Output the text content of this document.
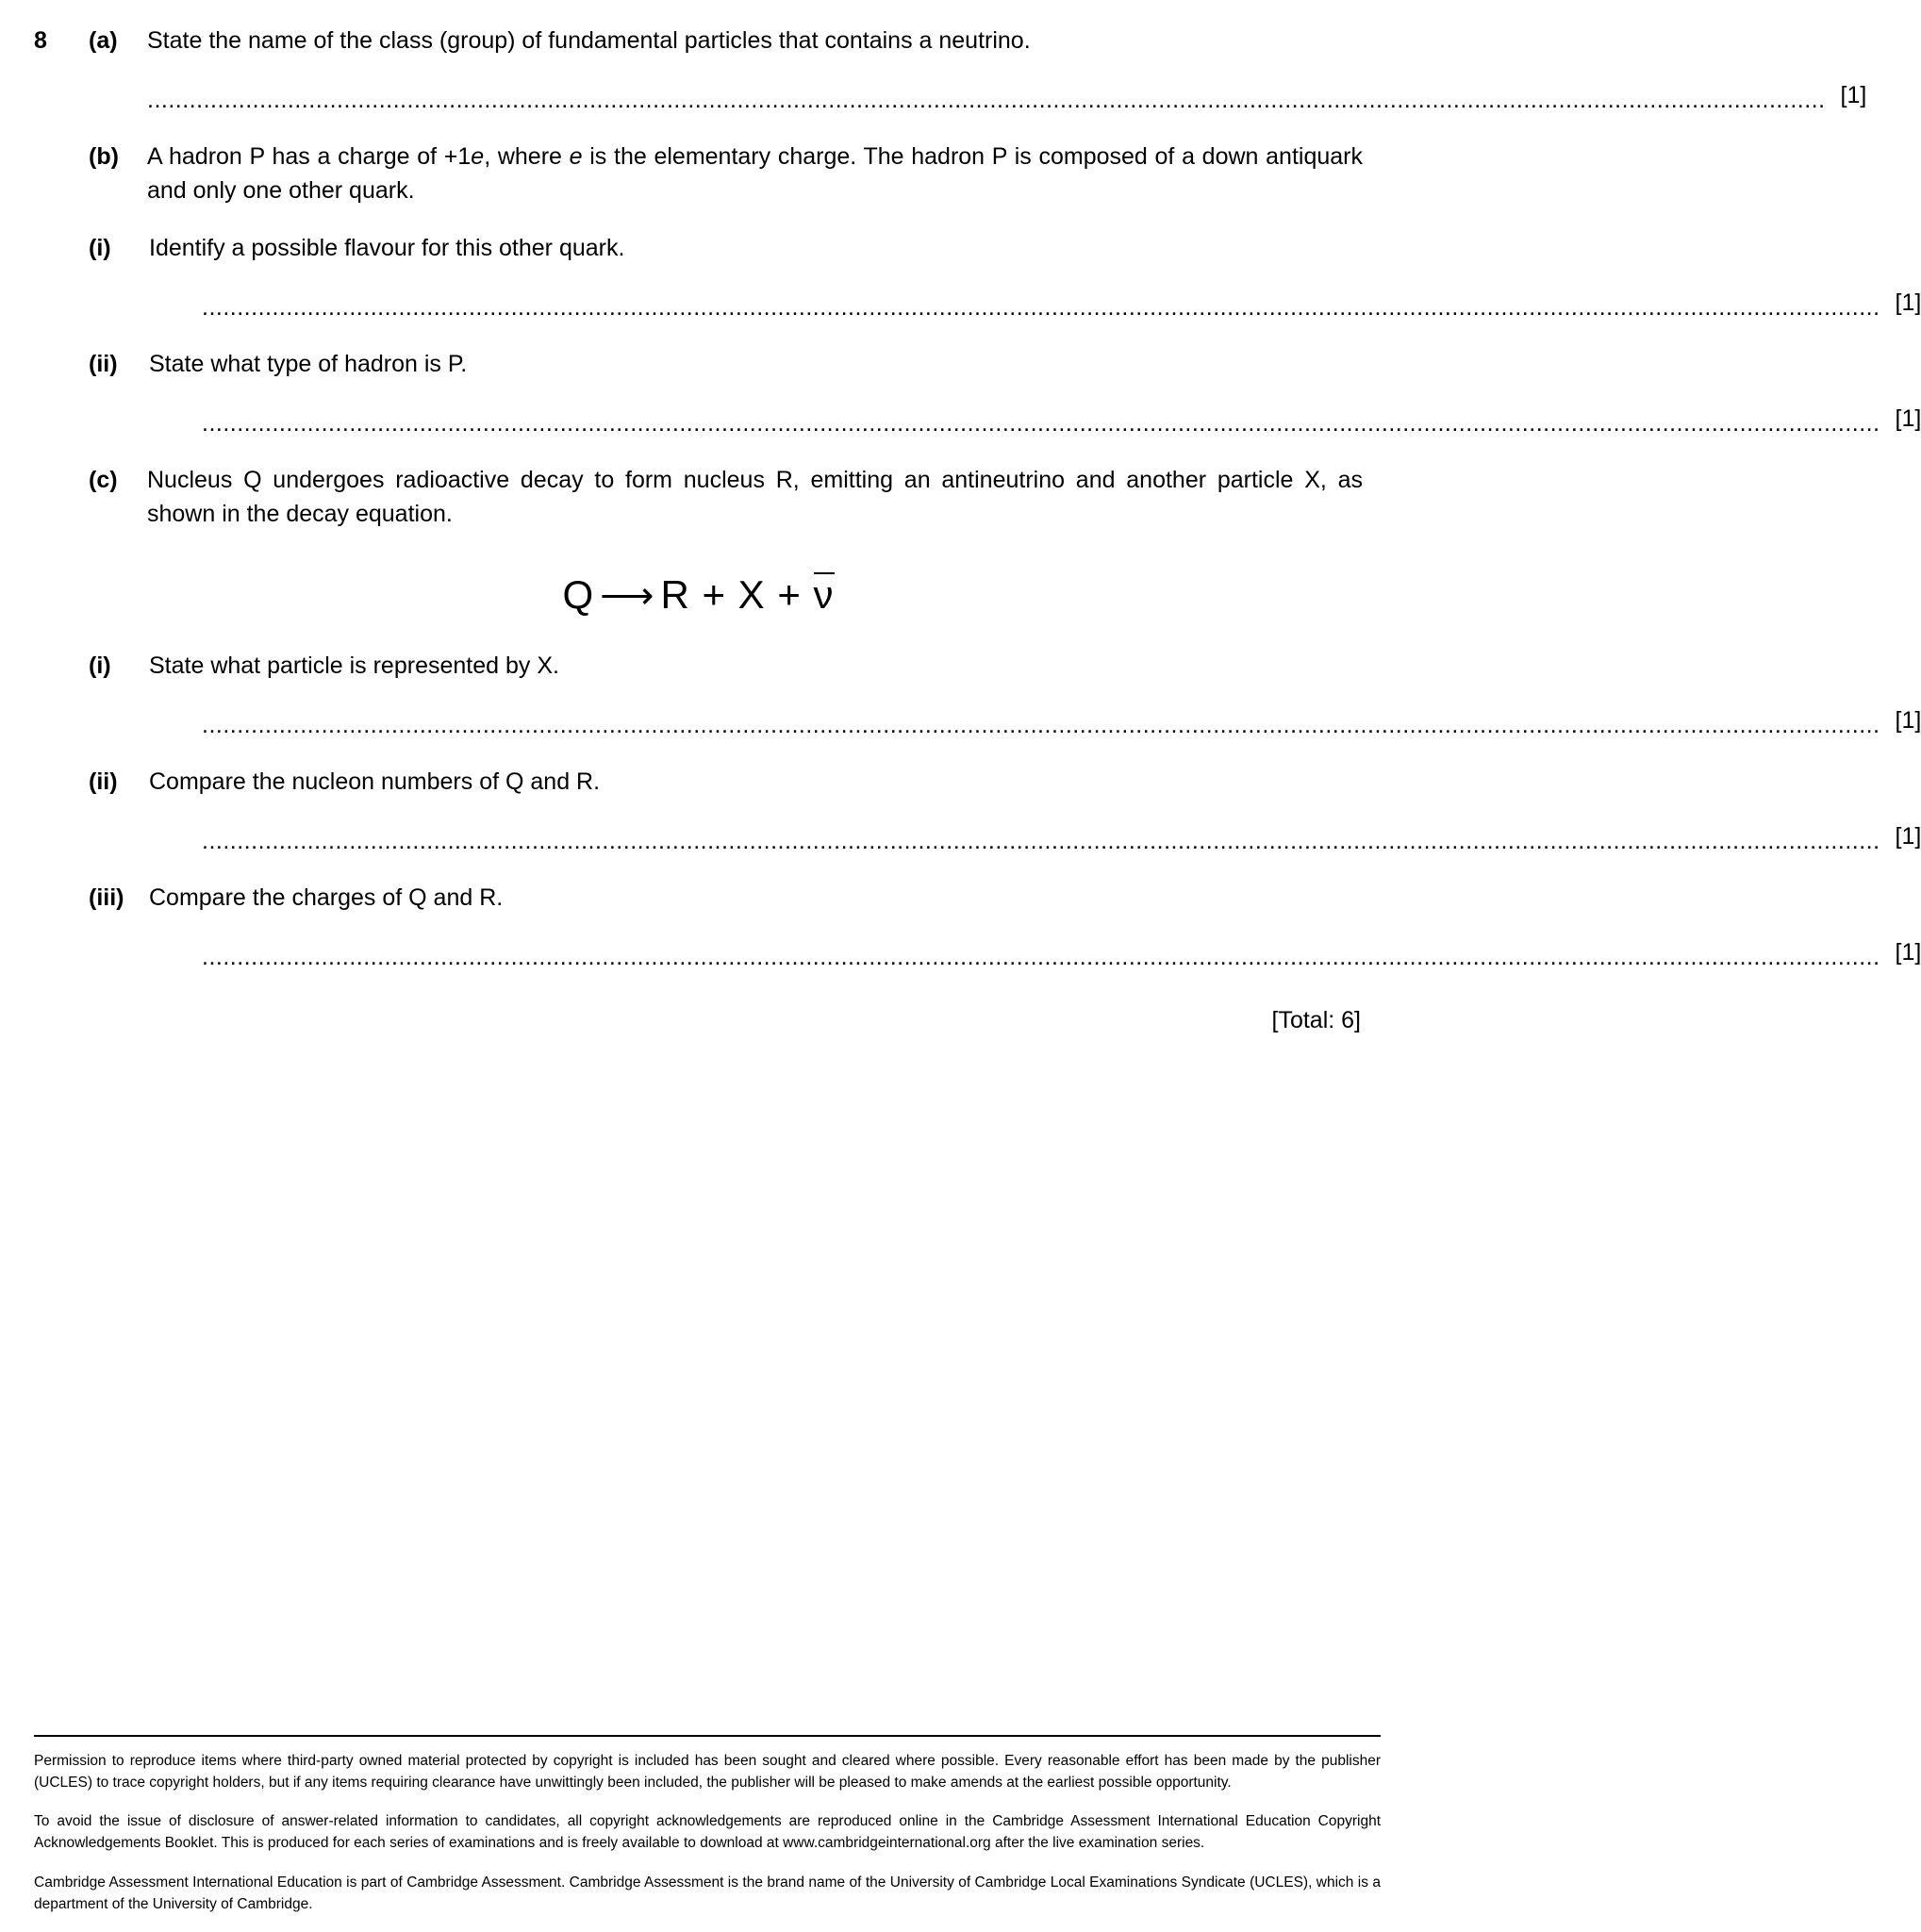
8	(a)	State the name of the class (group) of fundamental particles that contains a neutrino.
............................................................................................................................................................................................................................................... [1]
(b)	A hadron P has a charge of +1e, where e is the elementary charge. The hadron P is composed of a down antiquark and only one other quark.
(i)	Identify a possible flavour for this other quark.
............................................................................................................................................................................................................................................... [1]
(ii)	State what type of hadron is P.
............................................................................................................................................................................................................................................... [1]
(c)	Nucleus Q undergoes radioactive decay to form nucleus R, emitting an antineutrino and another particle X, as shown in the decay equation.
Q ⟶ R + X + ν
(i)	State what particle is represented by X.
............................................................................................................................................................................................................................................... [1]
(ii)	Compare the nucleon numbers of Q and R.
............................................................................................................................................................................................................................................... [1]
(iii)	Compare the charges of Q and R.
............................................................................................................................................................................................................................................... [1]
[Total: 6]

Permission to reproduce items where third-party owned material protected by copyright is included has been sought and cleared where possible. Every reasonable effort has been made by the publisher (UCLES) to trace copyright holders, but if any items requiring clearance have unwittingly been included, the publisher will be pleased to make amends at the earliest possible opportunity.

To avoid the issue of disclosure of answer-related information to candidates, all copyright acknowledgements are reproduced online in the Cambridge Assessment International Education Copyright Acknowledgements Booklet. This is produced for each series of examinations and is freely available to download at www.cambridgeinternational.org after the live examination series.

Cambridge Assessment International Education is part of Cambridge Assessment. Cambridge Assessment is the brand name of the University of Cambridge Local Examinations Syndicate (UCLES), which is a department of the University of Cambridge.
